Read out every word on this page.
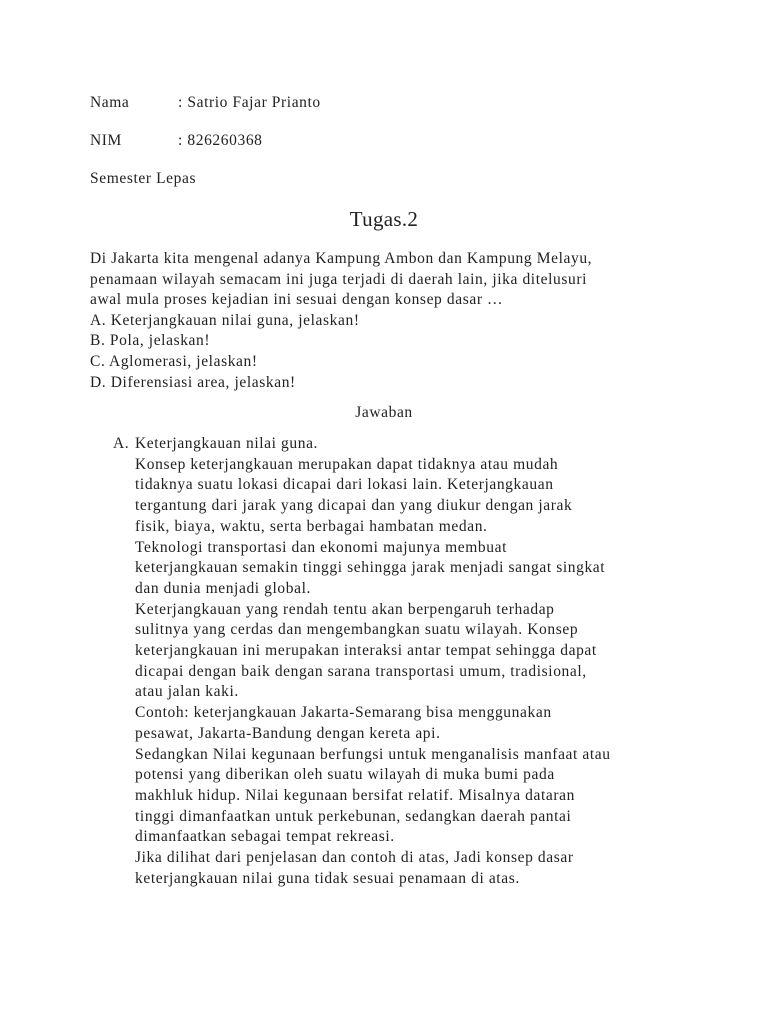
Nama	: Satrio Fajar Prianto
NIM	: 826260368
Semester Lepas
Tugas.2
Di Jakarta kita mengenal adanya Kampung Ambon dan Kampung Melayu,
penamaan wilayah semacam ini juga terjadi di daerah lain, jika ditelusuri
awal mula proses kejadian ini sesuai dengan konsep dasar …
A. Keterjangkauan nilai guna, jelaskan!
B. Pola, jelaskan!
C. Aglomerasi, jelaskan!
D. Diferensiasi area, jelaskan!
Jawaban
A. Keterjangkauan nilai guna.
Konsep keterjangkauan merupakan dapat tidaknya atau mudah
tidaknya suatu lokasi dicapai dari lokasi lain. Keterjangkauan
tergantung dari jarak yang dicapai dan yang diukur dengan jarak
fisik, biaya, waktu, serta berbagai hambatan medan.
Teknologi transportasi dan ekonomi majunya membuat
keterjangkauan semakin tinggi sehingga jarak menjadi sangat singkat
dan dunia menjadi global.
Keterjangkauan yang rendah tentu akan berpengaruh terhadap
sulitnya yang cerdas dan mengembangkan suatu wilayah. Konsep
keterjangkauan ini merupakan interaksi antar tempat sehingga dapat
dicapai dengan baik dengan sarana transportasi umum, tradisional,
atau jalan kaki.
Contoh: keterjangkauan Jakarta-Semarang bisa menggunakan
pesawat, Jakarta-Bandung dengan kereta api.
Sedangkan Nilai kegunaan berfungsi untuk menganalisis manfaat atau
potensi yang diberikan oleh suatu wilayah di muka bumi pada
makhluk hidup. Nilai kegunaan bersifat relatif. Misalnya dataran
tinggi dimanfaatkan untuk perkebunan, sedangkan daerah pantai
dimanfaatkan sebagai tempat rekreasi.
Jika dilihat dari penjelasan dan contoh di atas, Jadi konsep dasar
keterjangkauan nilai guna tidak sesuai penamaan di atas.
